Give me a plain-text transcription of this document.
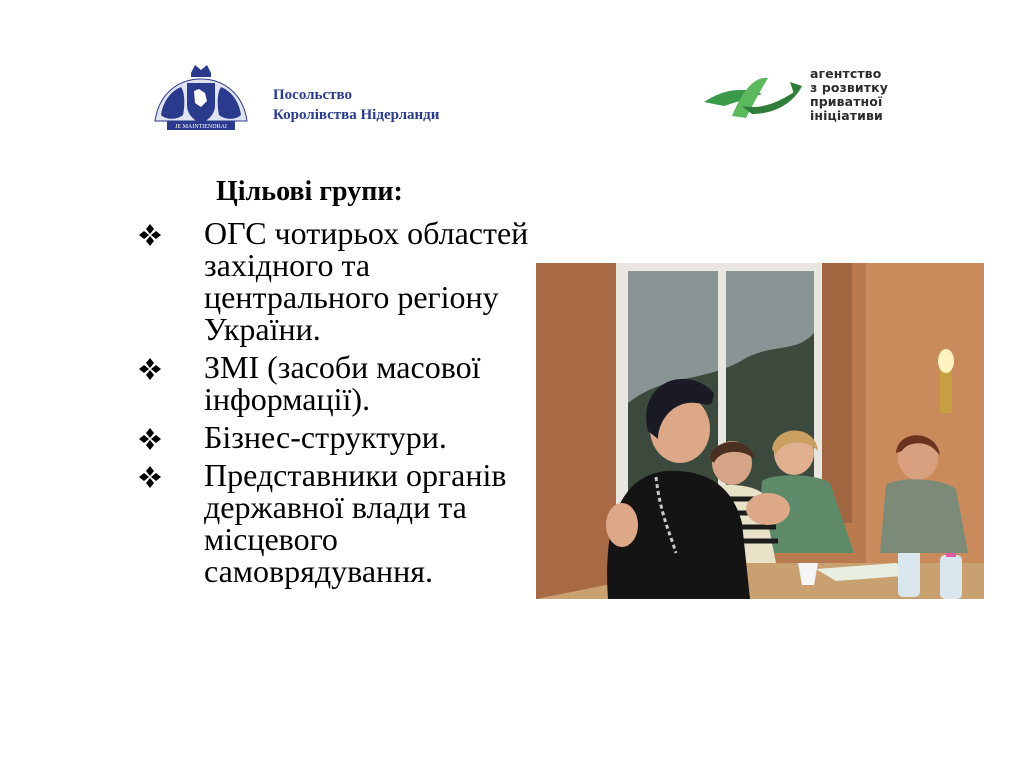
JE MAINTIENDRAI
Посольство
Королівства Нідерланди
агентство
з розвитку
приватної
ініціативи
Цільові групи:
ОГС чотирьох областей західного та центрального регіону України.
ЗМІ (засоби масової інформації).
Бізнес-структури.
Представники органів державної влади та місцевого самоврядування.
